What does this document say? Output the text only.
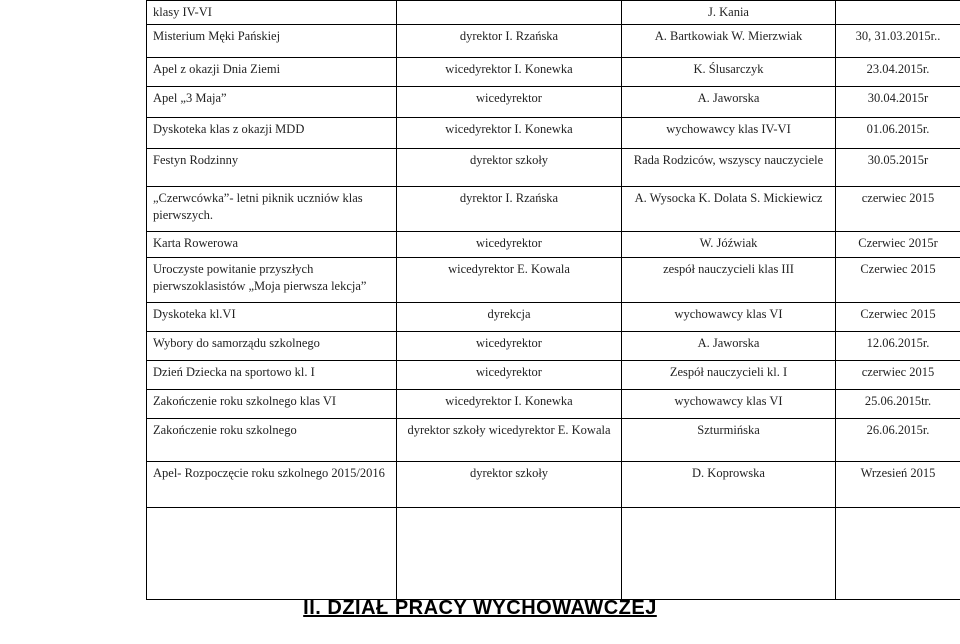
klasy IV-VI		J. Kania	
Misterium Męki Pańskiej	dyrektor I. Rzańska	A. Bartkowiak W. Mierzwiak	30, 31.03.2015r..
Apel z okazji Dnia Ziemi	wicedyrektor I. Konewka	K. Ślusarczyk	23.04.2015r.
Apel „3 Maja”	wicedyrektor	A. Jaworska	30.04.2015r
Dyskoteka klas z okazji MDD	wicedyrektor I. Konewka	wychowawcy klas IV-VI	01.06.2015r.
Festyn Rodzinny	dyrektor szkoły	Rada Rodziców, wszyscy nauczyciele	30.05.2015r
„Czerwcówka”- letni piknik uczniów klas pierwszych.	dyrektor I. Rzańska	A. Wysocka K. Dolata S. Mickiewicz	czerwiec 2015
Karta Rowerowa	wicedyrektor	W. Jóźwiak	Czerwiec 2015r
Uroczyste powitanie przyszłych pierwszoklasistów „Moja pierwsza lekcja”	wicedyrektor E. Kowala	zespół nauczycieli klas III	Czerwiec 2015
Dyskoteka kl.VI	dyrekcja	wychowawcy klas VI	Czerwiec 2015
Wybory do samorządu szkolnego	wicedyrektor	A. Jaworska	12.06.2015r.
Dzień Dziecka na sportowo kl. I	wicedyrektor	Zespół nauczycieli kl. I	czerwiec 2015
Zakończenie roku szkolnego klas VI	wicedyrektor I. Konewka	wychowawcy klas VI	25.06.2015tr.
Zakończenie roku szkolnego	dyrektor szkoły wicedyrektor E. Kowala	Szturmińska	26.06.2015r.
Apel- Rozpoczęcie roku szkolnego 2015/2016	dyrektor szkoły	D. Koprowska	Wrzesień 2015

II. DZIAŁ PRACY WYCHOWAWCZEJ
